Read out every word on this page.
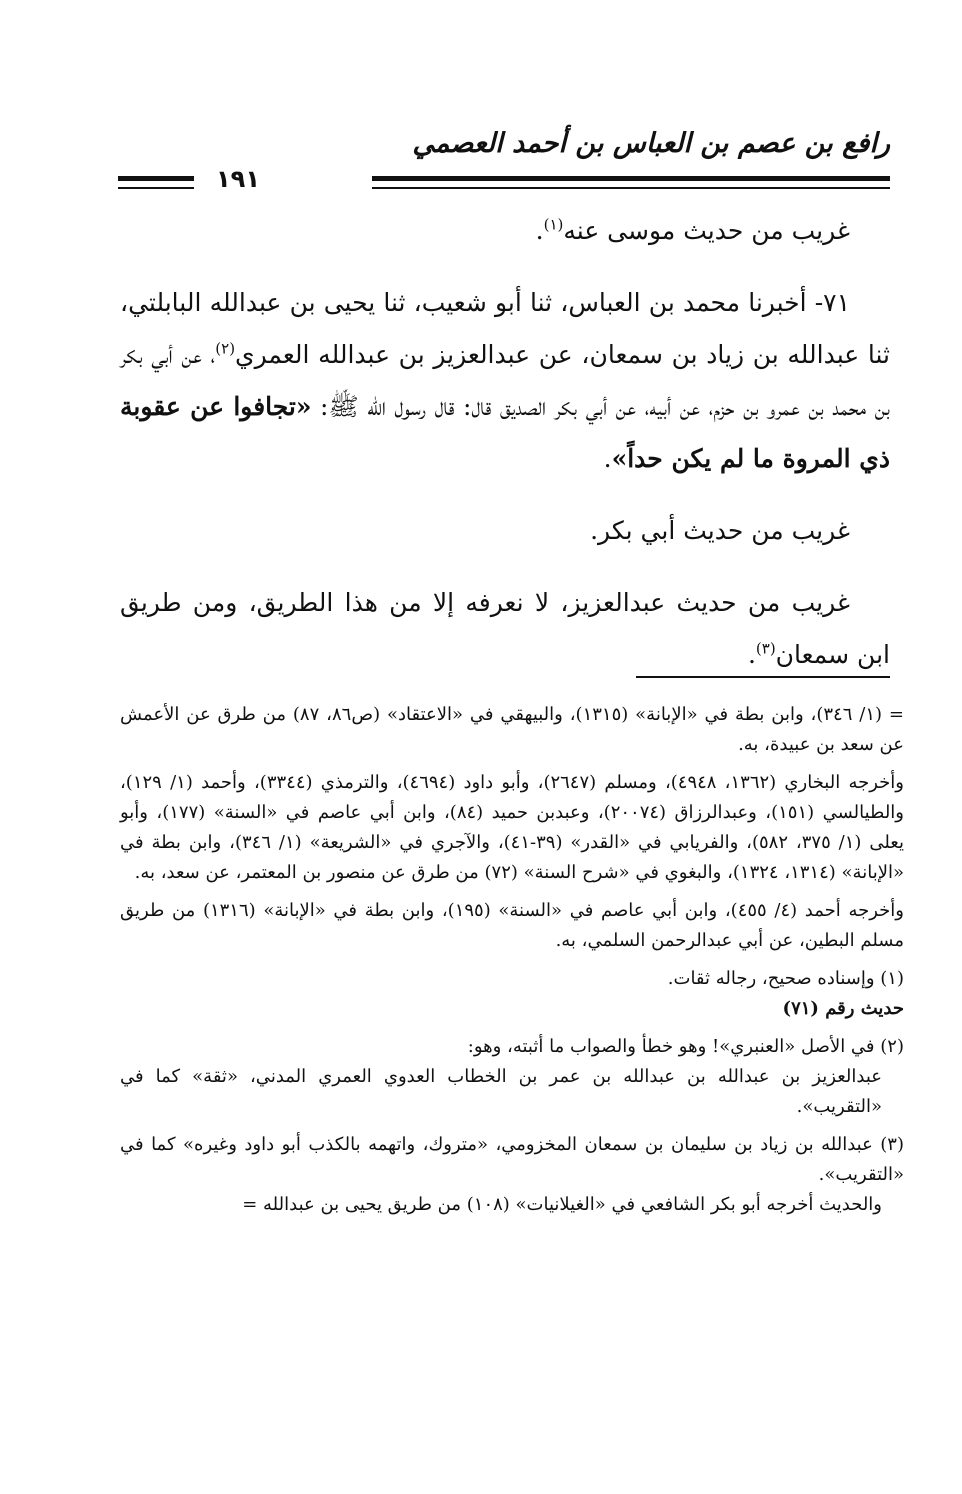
رافع بن عصم بن العباس بن أحمد العصمي
١٩١

غريب من حديث موسى عنه$^{(١)}$.

٧١- أخبرنا محمد بن العباس، ثنا أبو شعيب، ثنا يحيى بن عبدالله البابلتي، ثنا عبدالله بن زياد بن سمعان، عن عبدالعزيز بن عبدالله العمري$^{(٢)}$، عن أبي بكر بن محمد بن عمرو بن حزم، عن أبيه، عن أبي بكر الصديق قال: قال رسول الله ﷺ: «تجافوا عن عقوبة ذي المروة ما لم يكن حداً».

غريب من حديث أبي بكر.

غريب من حديث عبدالعزيز، لا نعرفه إلا من هذا الطريق، ومن طريق ابن سمعان$^{(٣)}$.

= (١/ ٣٤٦)، وابن بطة في «الإبانة» (١٣١٥)، والبيهقي في «الاعتقاد» (ص٨٦، ٨٧) من طرق عن الأعمش عن سعد بن عبيدة، به.

وأخرجه البخاري (١٣٦٢، ٤٩٤٨)، ومسلم (٢٦٤٧)، وأبو داود (٤٦٩٤)، والترمذي (٣٣٤٤)، وأحمد (١/ ١٢٩)، والطيالسي (١٥١)، وعبدالرزاق (٢٠٠٧٤)، وعبدبن حميد (٨٤)، وابن أبي عاصم في «السنة» (١٧٧)، وأبو يعلى (١/ ٣٧٥، ٥٨٢)، والفريابي في «القدر» (٣٩-٤١)، والآجري في «الشريعة» (١/ ٣٤٦)، وابن بطة في «الإبانة» (١٣١٤، ١٣٢٤)، والبغوي في «شرح السنة» (٧٢) من طرق عن منصور بن المعتمر، عن سعد، به.

وأخرجه أحمد (٤/ ٤٥٥)، وابن أبي عاصم في «السنة» (١٩٥)، وابن بطة في «الإبانة» (١٣١٦) من طريق مسلم البطين، عن أبي عبدالرحمن السلمي، به.

(١) وإسناده صحيح، رجاله ثقات.

حديث رقم (٧١)

(٢) في الأصل «العنبري»! وهو خطأ والصواب ما أثبته، وهو:

عبدالعزيز بن عبدالله بن عبدالله بن عمر بن الخطاب العدوي العمري المدني، «ثقة» كما في «التقريب».

(٣) عبدالله بن زياد بن سليمان بن سمعان المخزومي، «متروك، واتهمه بالكذب أبو داود وغيره» كما في «التقريب».

والحديث أخرجه أبو بكر الشافعي في «الغيلانيات» (١٠٨) من طريق يحيى بن عبدالله =
